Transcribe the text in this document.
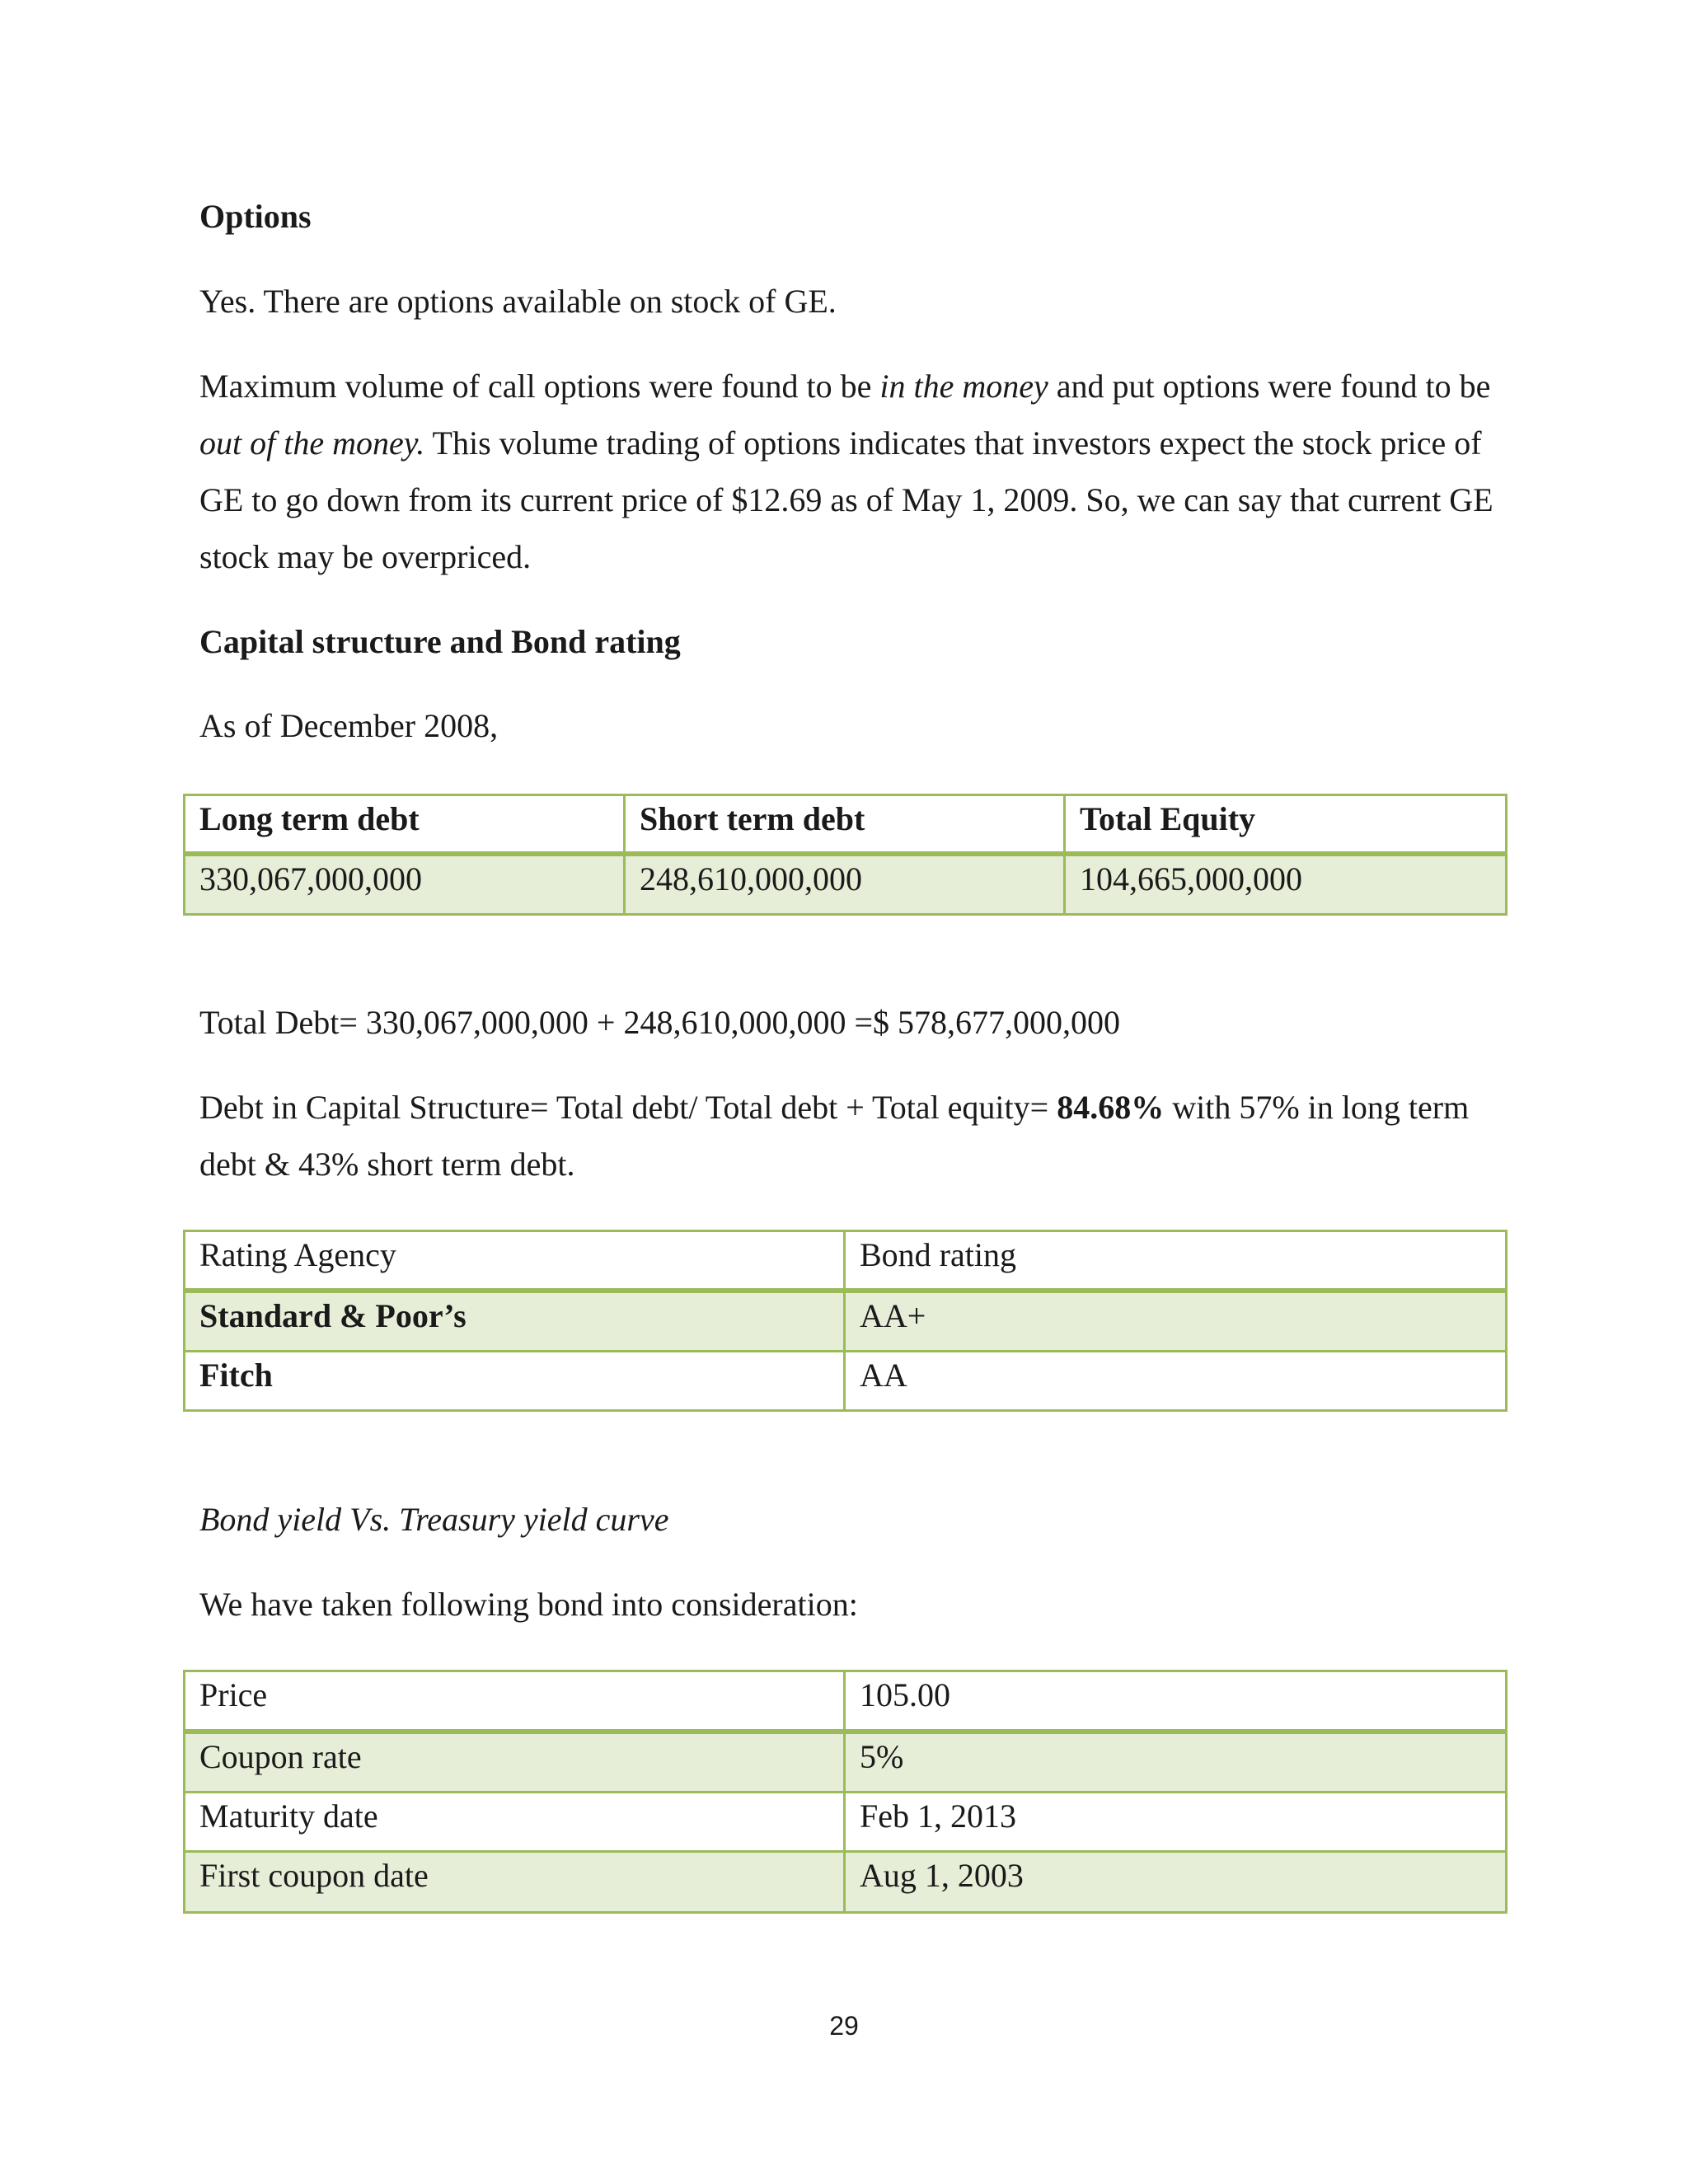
Options

Yes. There are options available on stock of GE.

Maximum volume of call options were found to be in the money and put options were found to be out of the money. This volume trading of options indicates that investors expect the stock price of GE to go down from its current price of $12.69 as of May 1, 2009. So, we can say that current GE stock may be overpriced.

Capital structure and Bond rating

As of December 2008,

Long term debt	Short term debt	Total Equity
330,067,000,000	248,610,000,000	104,665,000,000

Total Debt= 330,067,000,000 + 248,610,000,000 =$ 578,677,000,000

Debt in Capital Structure= Total debt/ Total debt + Total equity= 84.68% with 57% in long term debt & 43% short term debt.

Rating Agency	Bond rating
Standard & Poor’s	AA+
Fitch	AA

Bond yield Vs. Treasury yield curve

We have taken following bond into consideration:

Price	105.00
Coupon rate	5%
Maturity date	Feb 1, 2013
First coupon date	Aug 1, 2003
29
